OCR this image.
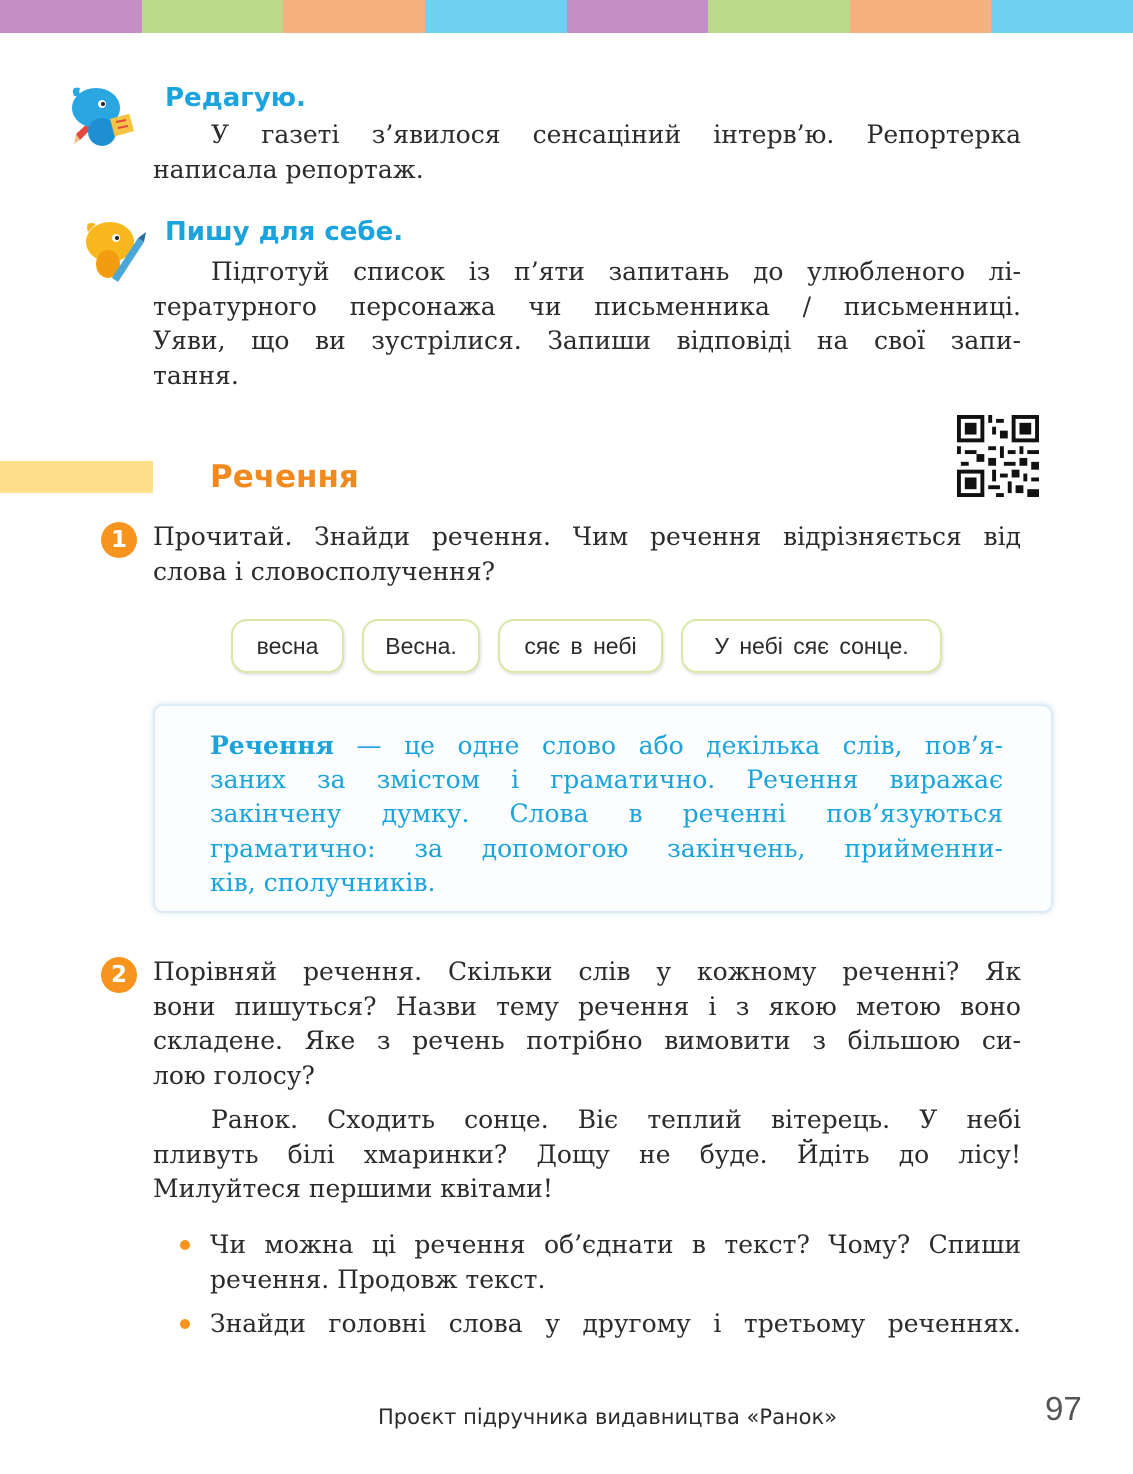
Редагую.
У газеті з’явилося сенсаціний інтерв’ю. Репортерка
написала репортаж.
Пишу для себе.
Підготуй список із п’яти запитань до улюбленого лі-
тературного персонажа чи письменника / письменниці.
Уяви, що ви зустрілися. Запиши відповіді на свої запи-
тання.
Речення
1	Прочитай. Знайди речення. Чим речення відрізняється від
слова і словосполучення?
весна	Весна.	сяє в небі	У небі сяє сонце.
Речення — це одне слово або декілька слів, пов’я-
заних за змістом і граматично. Речення виражає
закінчену думку. Слова в реченні пов’язуються
граматично: за допомогою закінчень, прийменни-
ків, сполучників.
2	Порівняй речення. Скільки слів у кожному реченні? Як
вони пишуться? Назви тему речення і з якою метою воно
складене. Яке з речень потрібно вимовити з більшою си-
лою голосу?
Ранок. Сходить сонце. Віє теплий вітерець. У небі
пливуть білі хмаринки? Дощу не буде. Йдіть до лісу!
Милуйтеся першими квітами!
Чи можна ці речення об’єднати в текст? Чому? Спиши
речення. Продовж текст.
Знайди головні слова у другому і третьому реченнях.
Проєкт підручника видавництва «Ранок»	97
